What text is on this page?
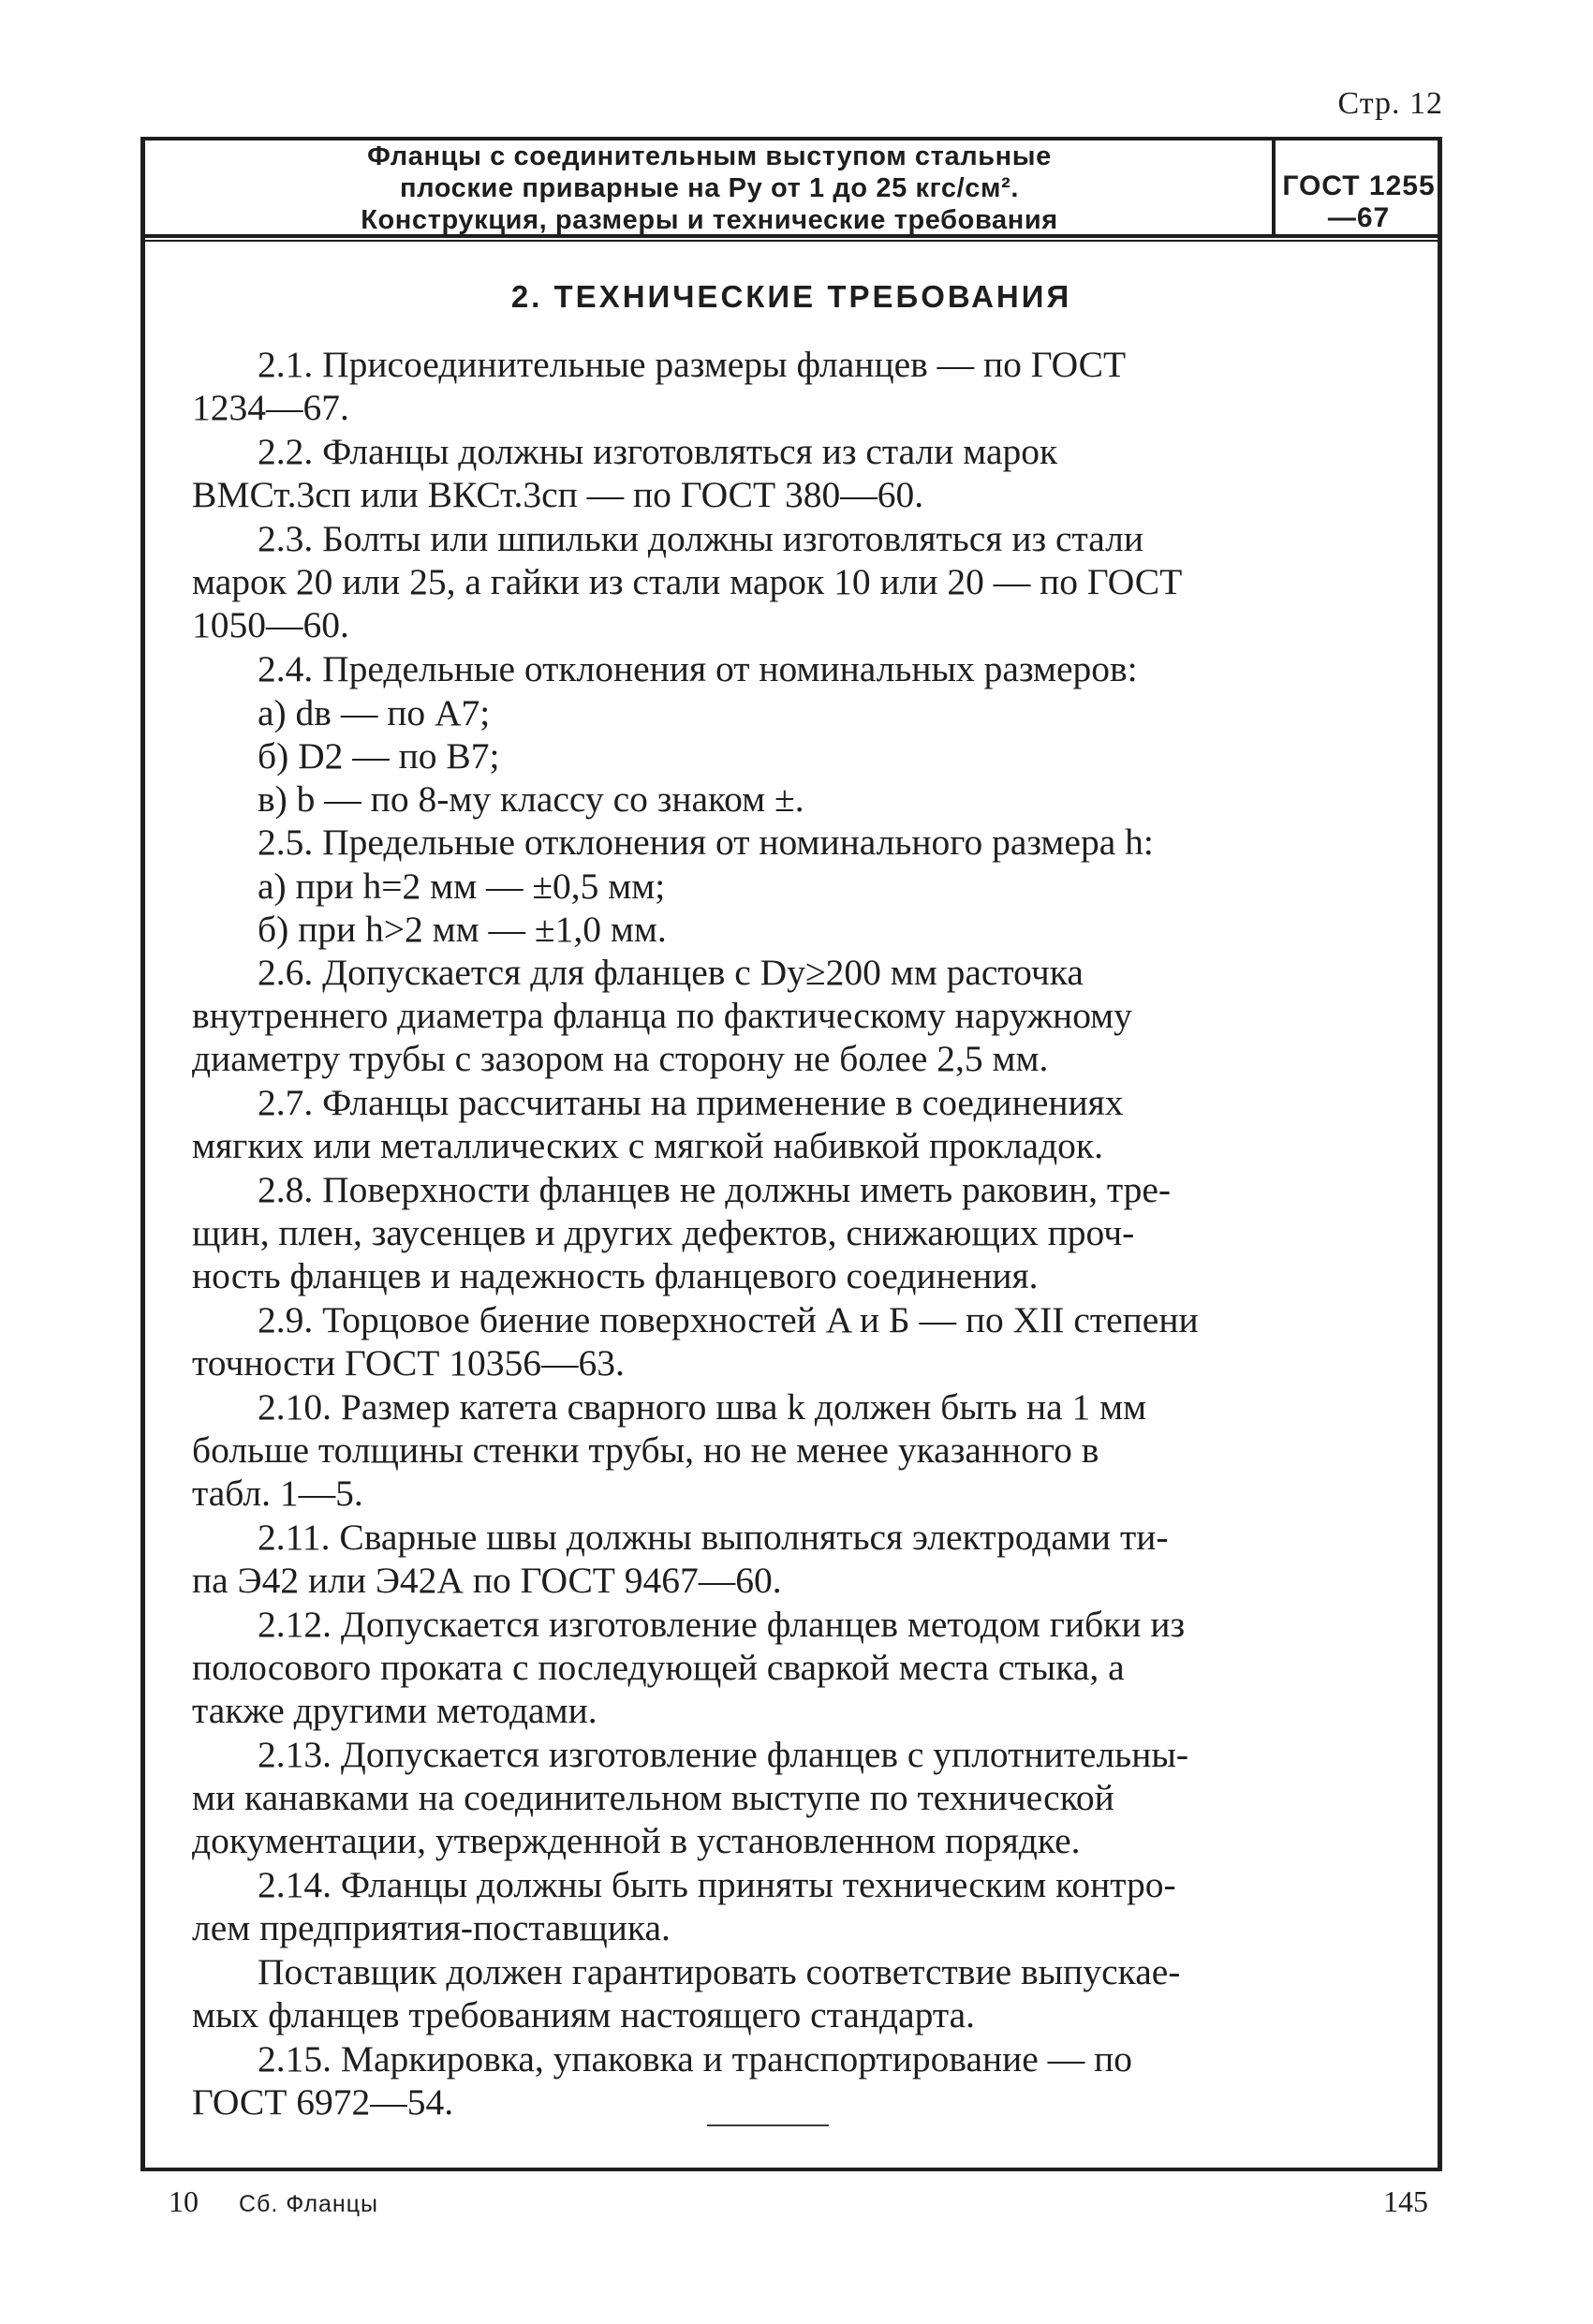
Стр. 12
Фланцы с соединительным выступом стальные
плоские приварные на Pу от 1 до 25 кгс/см².
Конструкция, размеры и технические требования
ГОСТ 1255—67
2. ТЕХНИЧЕСКИЕ ТРЕБОВАНИЯ

2.1. Присоединительные размеры фланцев — по ГОСТ
1234—67.

2.2. Фланцы должны изготовляться из стали марок
ВМСт.3сп или ВКСт.3сп — по ГОСТ 380—60.

2.3. Болты или шпильки должны изготовляться из стали
марок 20 или 25, а гайки из стали марок 10 или 20 — по ГОСТ
1050—60.

2.4. Предельные отклонения от номинальных размеров:

а) dв — по A7;

б) D2 — по B7;

в) b — по 8-му классу со знаком ±.

2.5. Предельные отклонения от номинального размера h:

а) при h=2 мм — ±0,5 мм;

б) при h>2 мм — ±1,0 мм.

2.6. Допускается для фланцев с Dу≥200 мм расточка
внутреннего диаметра фланца по фактическому наружному
диаметру трубы с зазором на сторону не более 2,5 мм.

2.7. Фланцы рассчитаны на применение в соединениях
мягких или металлических с мягкой набивкой прокладок.

2.8. Поверхности фланцев не должны иметь раковин, тре-
щин, плен, заусенцев и других дефектов, снижающих проч-
ность фланцев и надежность фланцевого соединения.

2.9. Торцовое биение поверхностей A и Б — по XII степени
точности ГОСТ 10356—63.

2.10. Размер катета сварного шва k должен быть на 1 мм
больше толщины стенки трубы, но не менее указанного в
табл. 1—5.

2.11. Сварные швы должны выполняться электродами ти-
па Э42 или Э42А по ГОСТ 9467—60.

2.12. Допускается изготовление фланцев методом гибки из
полосового проката с последующей сваркой места стыка, а
также другими методами.

2.13. Допускается изготовление фланцев с уплотнительны-
ми канавками на соединительном выступе по технической
документации, утвержденной в установленном порядке.

2.14. Фланцы должны быть приняты техническим контро-
лем предприятия-поставщика.

Поставщик должен гарантировать соответствие выпускае-
мых фланцев требованиям настоящего стандарта.

2.15. Маркировка, упаковка и транспортирование — по
ГОСТ 6972—54.

10 Сб. Фланцы	145
